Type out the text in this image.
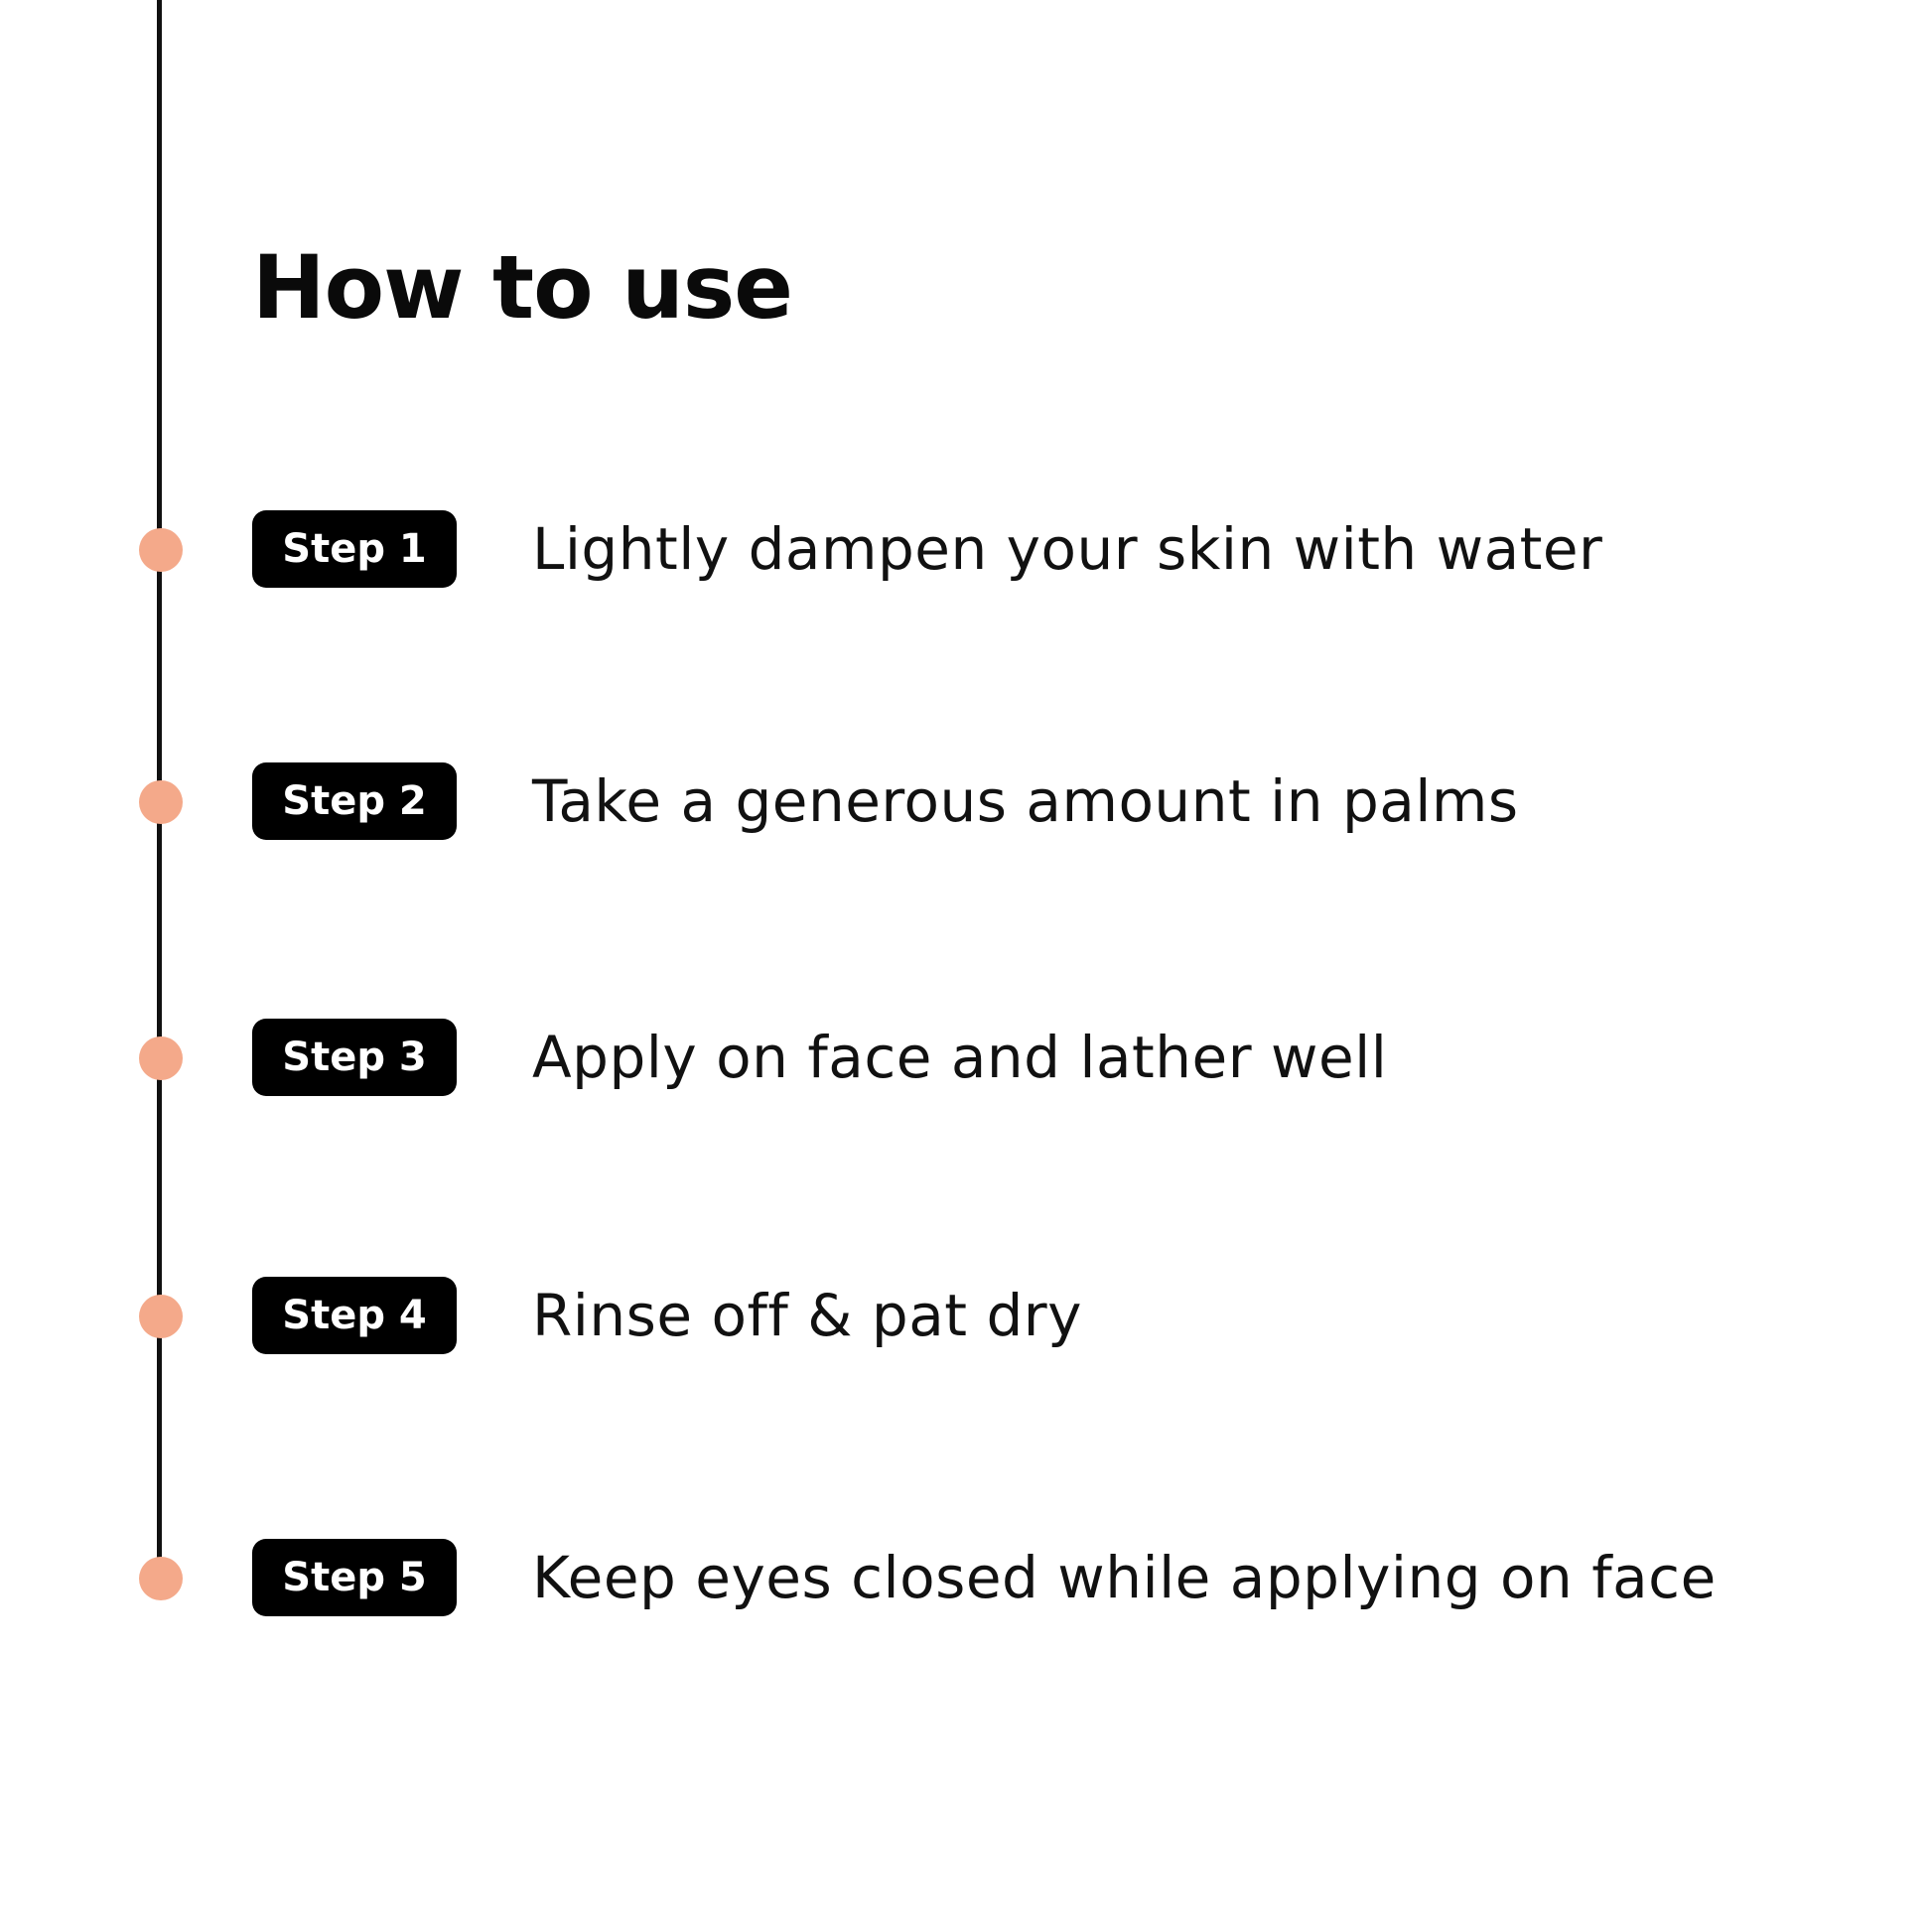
How to use
Step 1	Lightly dampen your skin with water
Step 2	Take a generous amount in palms
Step 3	Apply on face and lather well
Step 4	Rinse off & pat dry
Step 5	Keep eyes closed while applying on face
